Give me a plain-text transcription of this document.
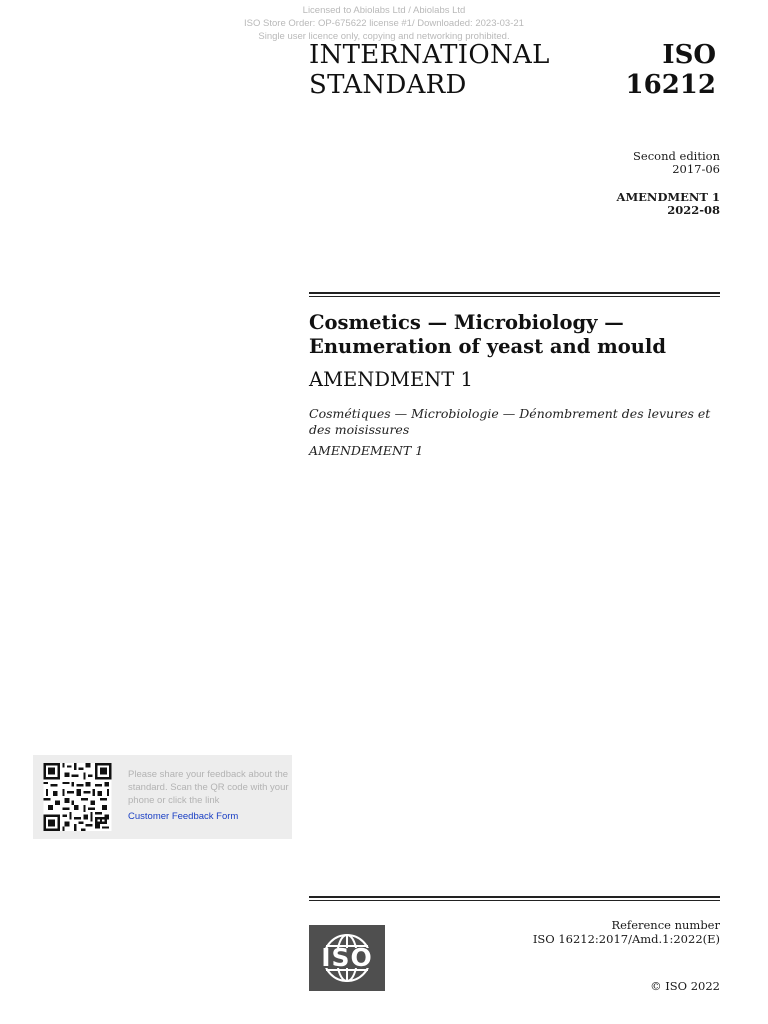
Licensed to Abiolabs Ltd / Abiolabs Ltd
ISO Store Order: OP-675622 license #1/ Downloaded: 2023-03-21
Single user licence only, copying and networking prohibited.
INTERNATIONAL
STANDARD
ISO
16212
Second edition
2017-06
AMENDMENT 1
2022-08
Cosmetics — Microbiology —
Enumeration of yeast and mould
AMENDMENT 1
Cosmétiques — Microbiologie — Dénombrement des levures et des moisissures
AMENDEMENT 1
Please share your feedback about the standard. Scan the QR code with your phone or click the link
Customer Feedback Form
ISO
Reference number
ISO 16212:2017/Amd.1:2022(E)
© ISO 2022
